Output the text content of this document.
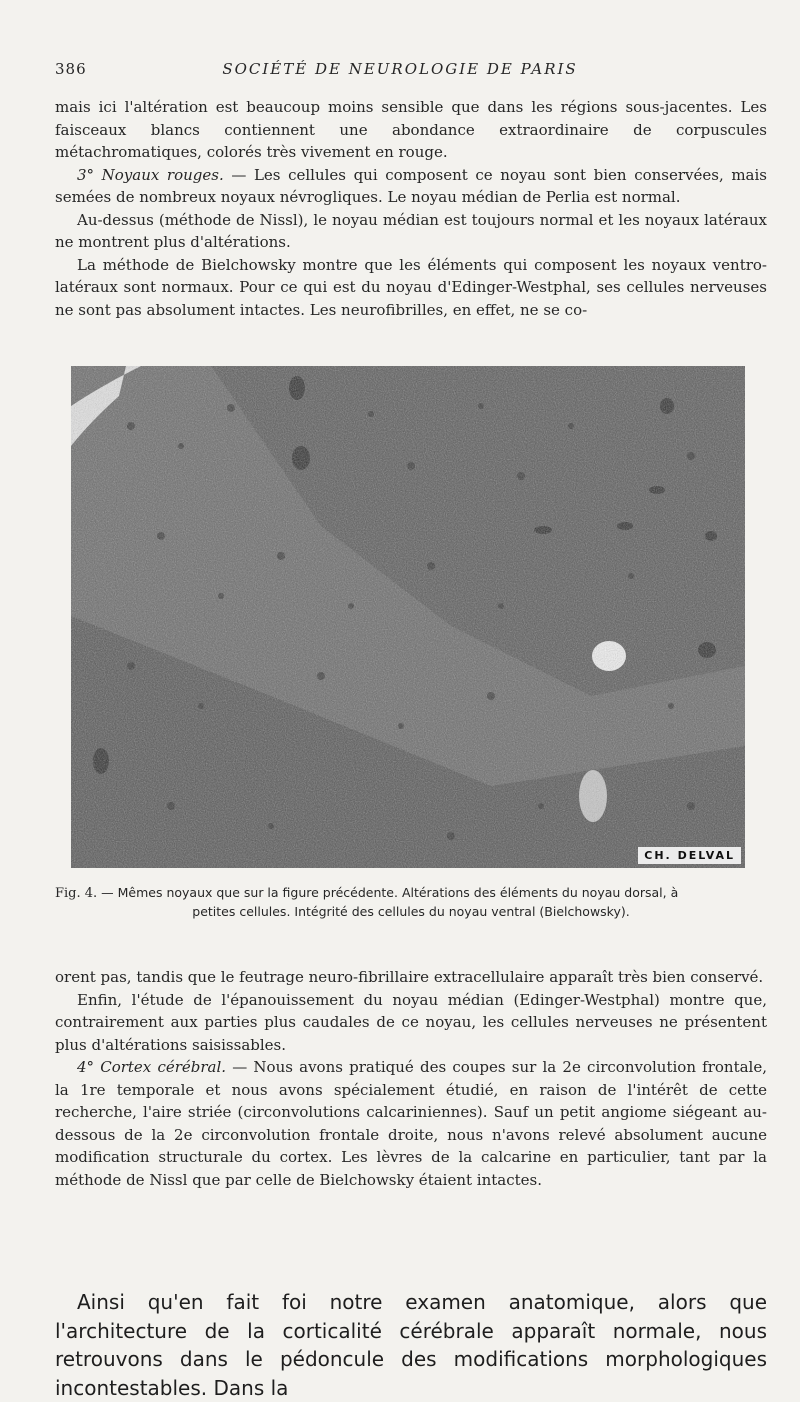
386	SOCIÉTÉ DE NEUROLOGIE DE PARIS

mais ici l'altération est beaucoup moins sensible que dans les régions sous-jacentes. Les faisceaux blancs contiennent une abondance extraordinaire de corpuscules métachromatiques, colorés très vivement en rouge.

3° Noyaux rouges. — Les cellules qui composent ce noyau sont bien conservées, mais semées de nombreux noyaux névrogliques. Le noyau médian de Perlia est normal.

Au-dessus (méthode de Nissl), le noyau médian est toujours normal et les noyaux latéraux ne montrent plus d'altérations.

La méthode de Bielchowsky montre que les éléments qui composent les noyaux ventro-latéraux sont normaux. Pour ce qui est du noyau d'Edinger-Westphal, ses cellules nerveuses ne sont pas absolument intactes. Les neurofibrilles, en effet, ne se co-

CH. DELVAL
Fig. 4. — Mêmes noyaux que sur la figure précédente. Altérations des éléments du noyau dorsal, à
petites cellules. Intégrité des cellules du noyau ventral (Bielchowsky).

orent pas, tandis que le feutrage neuro-fibrillaire extracellulaire apparaît très bien conservé.

Enfin, l'étude de l'épanouissement du noyau médian (Edinger-Westphal) montre que, contrairement aux parties plus caudales de ce noyau, les cellules nerveuses ne présentent plus d'altérations saisissables.

4° Cortex cérébral. — Nous avons pratiqué des coupes sur la 2e circonvolution frontale, la 1re temporale et nous avons spécialement étudié, en raison de l'intérêt de cette recherche, l'aire striée (circonvolutions calcariniennes). Sauf un petit angiome siégeant au-dessous de la 2e circonvolution frontale droite, nous n'avons relevé absolument aucune modification structurale du cortex. Les lèvres de la calcarine en particulier, tant par la méthode de Nissl que par celle de Bielchowsky étaient intactes.

Ainsi qu'en fait foi notre examen anatomique, alors que l'architecture de la corticalité cérébrale apparaît normale, nous retrouvons dans le pédoncule des modifications morphologiques incontestables. Dans la
